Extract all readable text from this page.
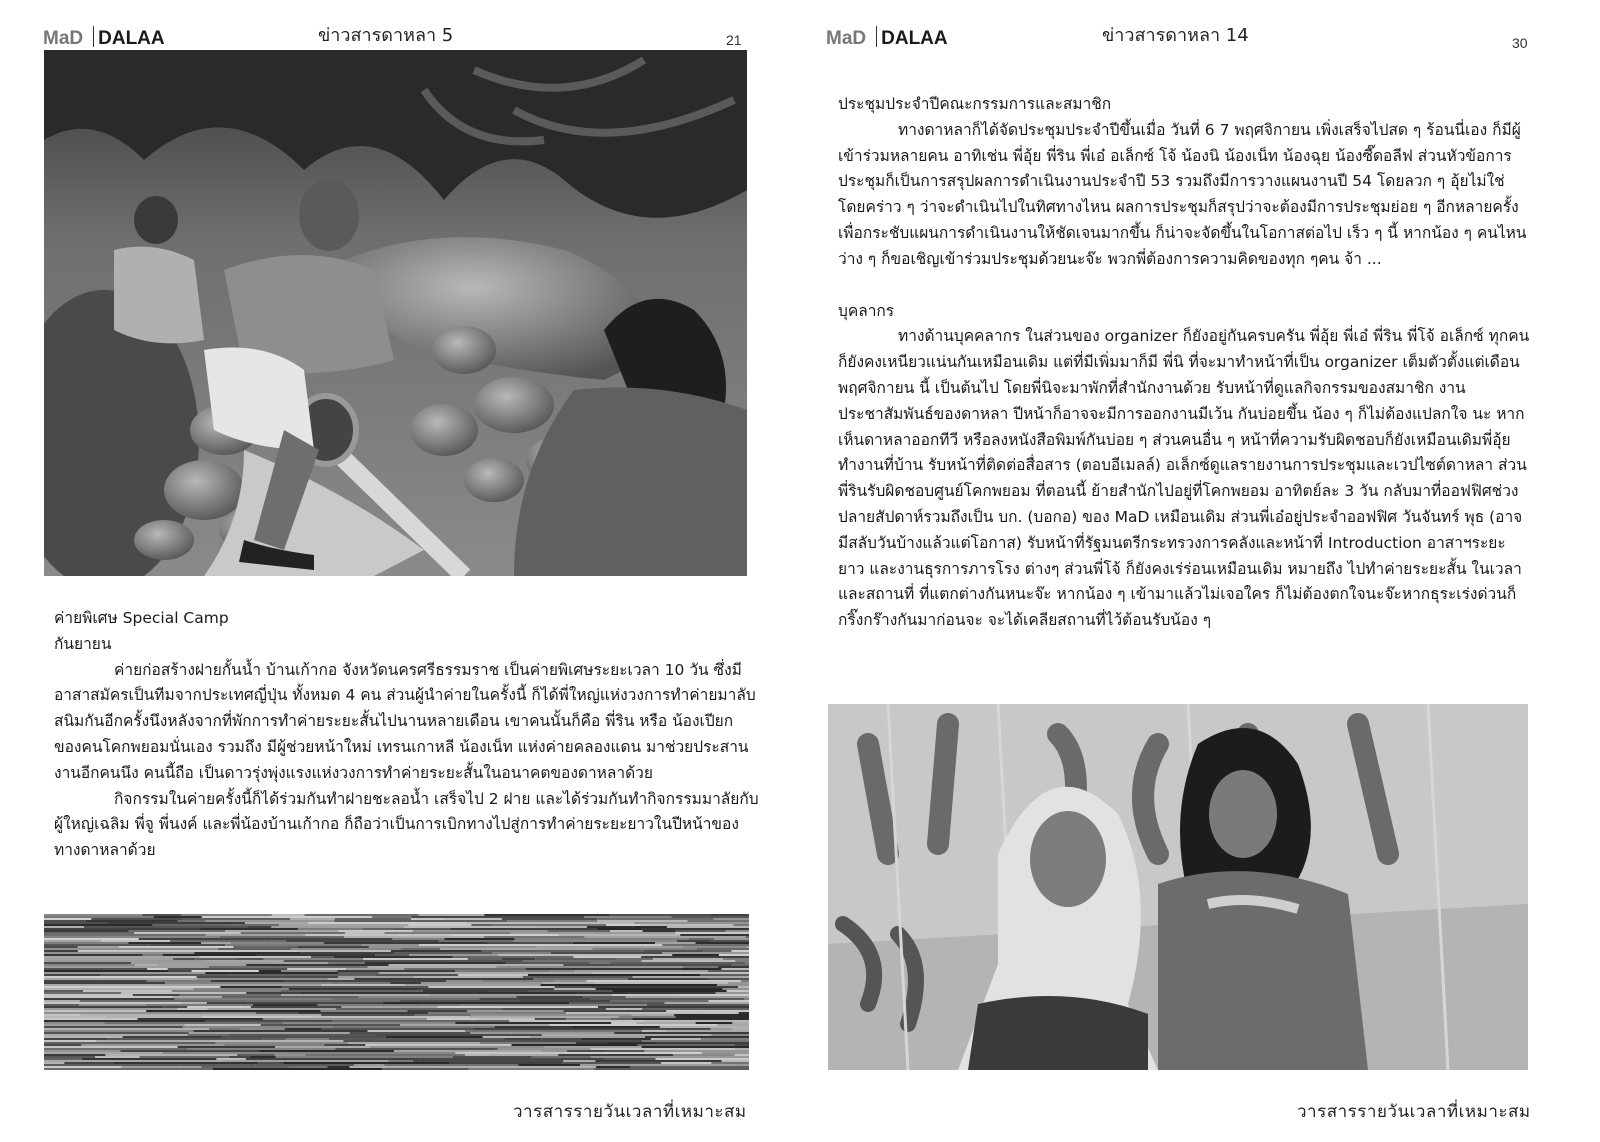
MaD DALAA	ข่าวสารดาหลา 5	21

ค่ายพิเศษ Special Camp

กันยายน

ค่ายก่อสร้างฝายกั้นน้ำ บ้านเก้ากอ จังหวัดนครศรีธรรมราช เป็นค่ายพิเศษระยะเวลา 10 วัน ซึ่งมีอาสาสมัครเป็นทีมจากประเทศญี่ปุ่น ทั้งหมด 4 คน ส่วนผู้นำค่ายในครั้งนี้ ก็ได้พี่ใหญ่แห่งวงการทำค่ายมาลับสนิมกันอีกครั้งนึงหลังจากที่พักการทำค่ายระยะสั้นไปนานหลายเดือน เขาคนนั้นก็คือ พี่ริน หรือ น้องเปียกของคนโคกพยอมนั่นเอง รวมถึง มีผู้ช่วยหน้าใหม่ เทรนเกาหลี น้องเน็ท แห่งค่ายคลองแดน มาช่วยประสานงานอีกคนนึง คนนี้ถือ เป็นดาวรุ่งพุ่งแรงแห่งวงการทำค่ายระยะสั้นในอนาคตของดาหลาด้วย

กิจกรรมในค่ายครั้งนี้ก็ได้ร่วมกันทำฝายชะลอน้ำ เสร็จไป 2 ฝาย และได้ร่วมกันทำกิจกรรมมาลัยกับผู้ใหญ่เฉลิม พี่จู พี่นงค์ และพี่น้องบ้านเก้ากอ ก็ถือว่าเป็นการเบิกทางไปสู่การทำค่ายระยะยาวในปีหน้าของทางดาหลาด้วย

วารสารรายวันเวลาที่เหมาะสม
MaD DALAA	ข่าวสารดาหลา 14	30

ประชุมประจำปีคณะกรรมการและสมาชิก

ทางดาหลาก็ได้จัดประชุมประจำปีขึ้นเมื่อ วันที่ 6 7 พฤศจิกายน เพิ่งเสร็จไปสด ๆ ร้อนนี่เอง ก็มีผู้เข้าร่วมหลายคน อาทิเช่น พี่อุ้ย พี่ริน พี่เอ๋ อเล็กซ์ โจ้ น้องนิ น้องเน็ท น้องฉุย น้องซี๊ดอลีฟ ส่วนหัวข้อการประชุมก็เป็นการสรุปผลการดำเนินงานประจำปี 53 รวมถึงมีการวางแผนงานปี 54 โดยลวก ๆ อุ้ยไม่ใช่ โดยคร่าว ๆ ว่าจะดำเนินไปในทิศทางไหน ผลการประชุมก็สรุปว่าจะต้องมีการประชุมย่อย ๆ อีกหลายครั้งเพื่อกระชับแผนการดำเนินงานให้ชัดเจนมากขึ้น ก็น่าจะจัดขึ้นในโอกาสต่อไป เร็ว ๆ นี้ หากน้อง ๆ คนไหนว่าง ๆ ก็ขอเชิญเข้าร่วมประชุมด้วยนะจ๊ะ พวกพี่ต้องการความคิดของทุก ๆคน จ้า ...

บุคลากร

ทางด้านบุคคลากร ในส่วนของ organizer ก็ยังอยู่กันครบครัน พี่อุ้ย พี่เอ๋ พี่ริน พี่โจ้ อเล็กซ์ ทุกคนก็ยังคงเหนียวแน่นกันเหมือนเดิม แต่ที่มีเพิ่มมาก็มี พี่นิ ที่จะมาทำหน้าที่เป็น organizer เต็มตัวตั้งแต่เดือน พฤศจิกายน นี้ เป็นต้นไป โดยพี่นิจะมาพักที่สำนักงานด้วย รับหน้าที่ดูแลกิจกรรมของสมาชิก งานประชาสัมพันธ์ของดาหลา ปีหน้าก็อาจจะมีการออกงานมีเว้น กันบ่อยขึ้น น้อง ๆ ก็ไม่ต้องแปลกใจ นะ หากเห็นดาหลาออกทีวี หรือลงหนังสือพิมพ์กันบ่อย ๆ ส่วนคนอื่น ๆ หน้าที่ความรับผิดชอบก็ยังเหมือนเดิมพี่อุ้ยทำงานที่บ้าน รับหน้าที่ติดต่อสื่อสาร (ตอบอีเมลล์) อเล็กซ์ดูแลรายงานการประชุมและเวปไซต์ดาหลา ส่วนพี่รินรับผิดชอบศูนย์โคกพยอม ที่ตอนนี้ ย้ายสำนักไปอยู่ที่โคกพยอม อาทิตย์ละ 3 วัน กลับมาที่ออฟฟิศช่วงปลายสัปดาห์รวมถึงเป็น บก. (บอกอ) ของ MaD เหมือนเดิม ส่วนพี่เอ๋อยู่ประจำออฟฟิศ วันจันทร์ พุธ (อาจมีสลับวันบ้างแล้วแต่โอกาส) รับหน้าที่รัฐมนตรีกระทรวงการคลังและหน้าที่ Introduction อาสาฯระยะยาว และงานธุรการภารโรง ต่างๆ ส่วนพี่โจ้ ก็ยังคงเร่ร่อนเหมือนเดิม หมายถึง ไปทำค่ายระยะสั้น ในเวลา และสถานที่ ที่แตกต่างกันหนะจ๊ะ หากน้อง ๆ เข้ามาแล้วไม่เจอใคร ก็ไม่ต้องตกใจนะจ๊ะหากธุระเร่งด่วนก็กริ๊งกร๊างกันมาก่อนจะ จะได้เคลียสถานที่ไว้ต้อนรับน้อง ๆ

วารสารรายวันเวลาที่เหมาะสม
